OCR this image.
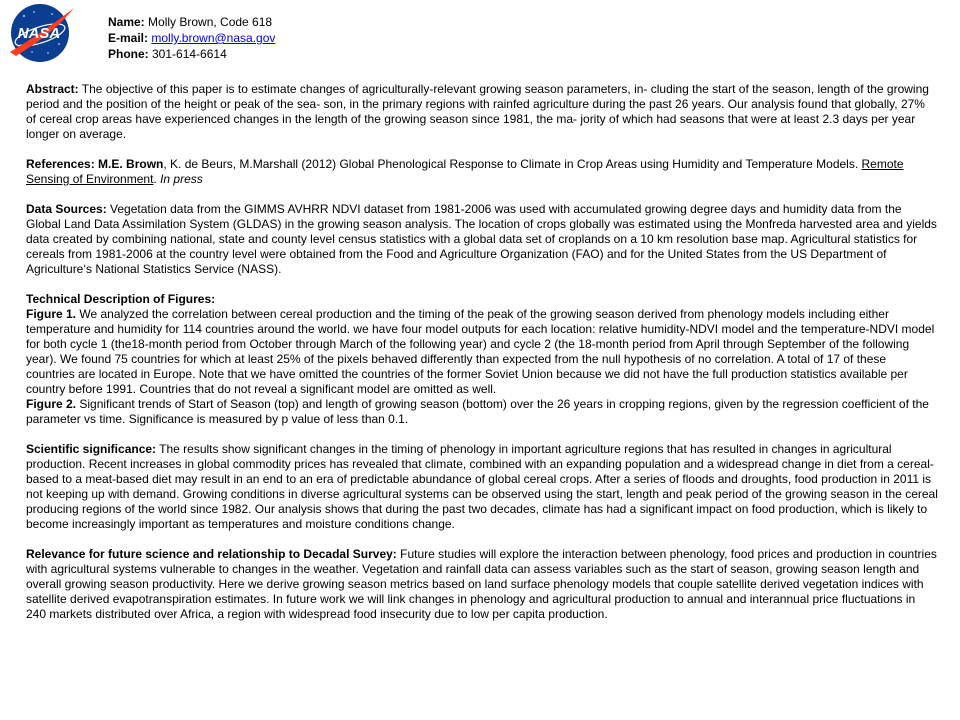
NASA
Name: Molly Brown, Code 618
E-mail: molly.brown@nasa.gov
Phone: 301-614-6614

Abstract: The objective of this paper is to estimate changes of agriculturally-relevant growing season parameters, in- cluding the start of the season, length of the growing period and the position of the height or peak of the sea- son, in the primary regions with rainfed agriculture during the past 26 years. Our analysis found that globally, 27% of cereal crop areas have experienced changes in the length of the growing season since 1981, the ma- jority of which had seasons that were at least 2.3 days per year longer on average.

References: M.E. Brown, K. de Beurs, M.Marshall (2012) Global Phenological Response to Climate in Crop Areas using Humidity and Temperature Models. Remote Sensing of Environment. In press

Data Sources: Vegetation data from the GIMMS AVHRR NDVI dataset from 1981-2006 was used with accumulated growing degree days and humidity data from the Global Land Data Assimilation System (GLDAS) in the growing season analysis. The location of crops globally was estimated using the Monfreda harvested area and yields data created by combining national, state and county level census statistics with a global data set of croplands on a 10 km resolution base map. Agricultural statistics for cereals from 1981-2006 at the country level were obtained from the Food and Agriculture Organization (FAO) and for the United States from the US Department of Agriculture‘s National Statistics Service (NASS).

Technical Description of Figures:

Figure 1. We analyzed the correlation between cereal production and the timing of the peak of the growing season derived from phenology models including either temperature and humidity for 114 countries around the world. we have four model outputs for each location: relative humidity-NDVI model and the temperature-NDVI model for both cycle 1 (the18-month period from October through March of the following year) and cycle 2 (the 18-month period from April through September of the following year). We found 75 countries for which at least 25% of the pixels behaved differently than expected from the null hypothesis of no correlation. A total of 17 of these countries are located in Europe. Note that we have omitted the countries of the former Soviet Union because we did not have the full production statistics available per country before 1991. Countries that do not reveal a significant model are omitted as well.

Figure 2. Significant trends of Start of Season (top) and length of growing season (bottom) over the 26 years in cropping regions, given by the regression coefficient of the parameter vs time. Significance is measured by p value of less than 0.1.

Scientific significance: The results show significant changes in the timing of phenology in important agriculture regions that has resulted in changes in agricultural production. Recent increases in global commodity prices has revealed that climate, combined with an expanding population and a widespread change in diet from a cereal-based to a meat-based diet may result in an end to an era of predictable abundance of global cereal crops. After a series of floods and droughts, food production in 2011 is not keeping up with demand. Growing conditions in diverse agricultural systems can be observed using the start, length and peak period of the growing season in the cereal producing regions of the world since 1982. Our analysis shows that during the past two decades, climate has had a significant impact on food production, which is likely to become increasingly important as temperatures and moisture conditions change.

Relevance for future science and relationship to Decadal Survey: Future studies will explore the interaction between phenology, food prices and production in countries with agricultural systems vulnerable to changes in the weather. Vegetation and rainfall data can assess variables such as the start of season, growing season length and overall growing season productivity. Here we derive growing season metrics based on land surface phenology models that couple satellite derived vegetation indices with satellite derived evapotranspiration estimates. In future work we will link changes in phenology and agricultural production to annual and interannual price fluctuations in 240 markets distributed over Africa, a region with widespread food insecurity due to low per capita production.
